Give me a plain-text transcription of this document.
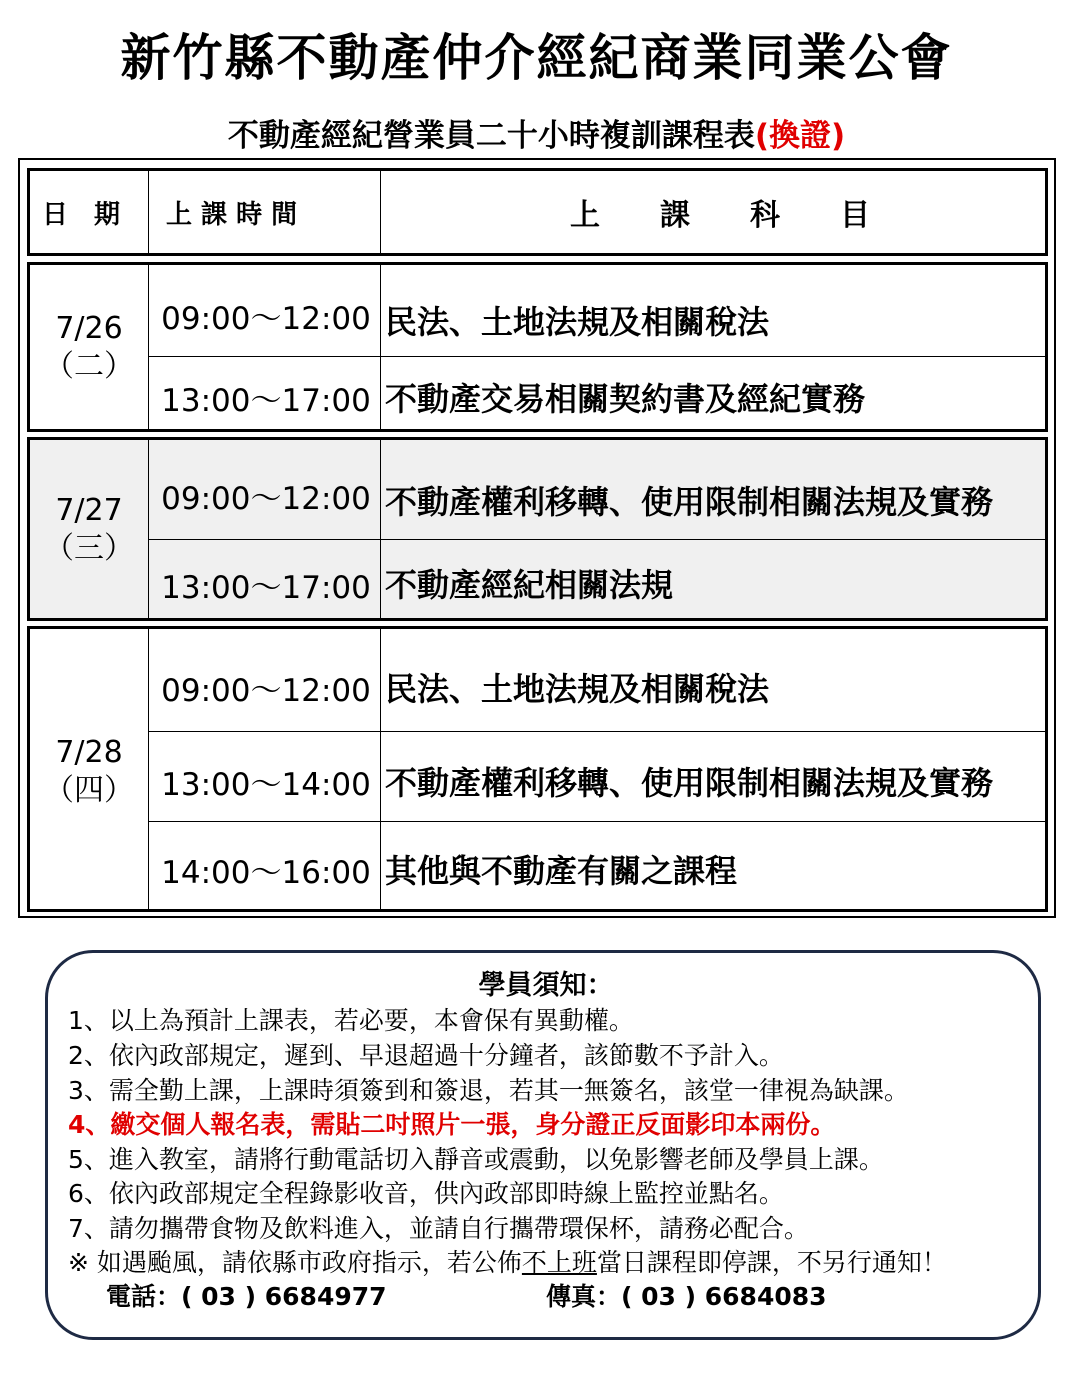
新竹縣不動產仲介經紀商業同業公會
不動產經紀營業員二十小時複訓課程表(換證)
日　期 上 課 時 間	上　　課　　科　　目
7/26
（二）
09:00～12:00 民法、土地法規及相關稅法
13:00～17:00 不動產交易相關契約書及經紀實務
7/27
（三）
09:00～12:00 不動產權利移轉、使用限制相關法規及實務
13:00～17:00 不動產經紀相關法規
7/28
（四）
09:00～12:00 民法、土地法規及相關稅法
13:00～14:00 不動產權利移轉、使用限制相關法規及實務
14:00～16:00 其他與不動產有關之課程
學員須知：
1、以上為預計上課表，若必要，本會保有異動權。
2、依內政部規定，遲到、早退超過十分鐘者，該節數不予計入。
3、需全勤上課，上課時須簽到和簽退，若其一無簽名，該堂一律視為缺課。
4、繳交個人報名表，需貼二吋照片一張，身分證正反面影印本兩份。
5、進入教室，請將行動電話切入靜音或震動，以免影響老師及學員上課。
6、依內政部規定全程錄影收音，供內政部即時線上監控並點名。
7、請勿攜帶食物及飲料進入，並請自行攜帶環保杯，請務必配合。
※ 如遇颱風，請依縣市政府指示，若公佈不上班當日課程即停課，不另行通知！
電話：( 03 ) 6684977	傳真：( 03 ) 6684083
